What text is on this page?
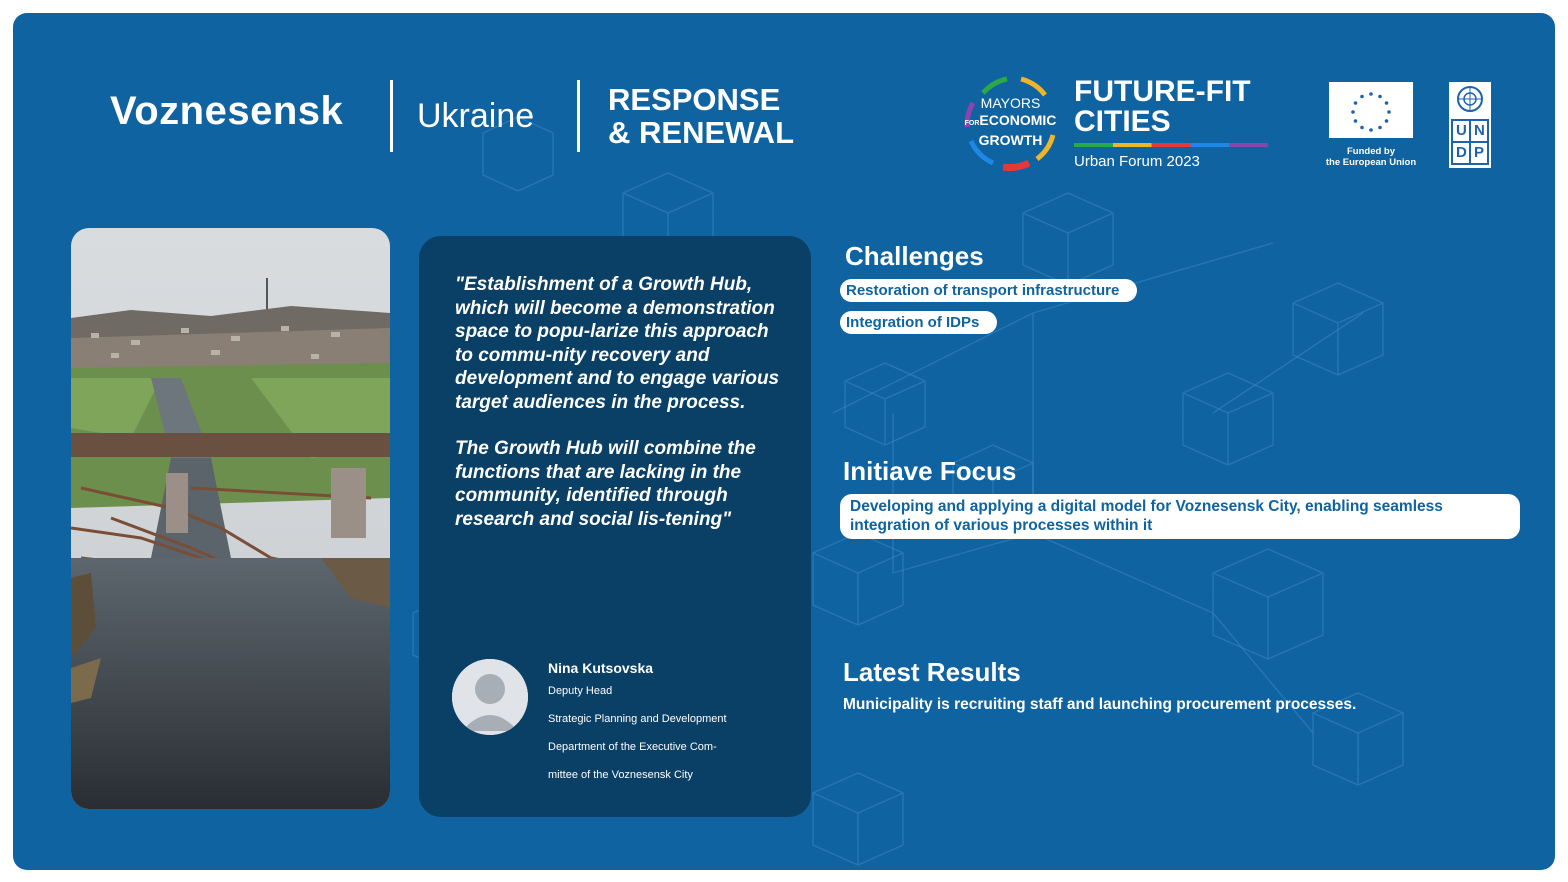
Voznesensk Ukraine RESPONSE
& RENEWAL
MAYORS
FORECONOMIC
GROWTH
FUTURE-FIT
CITIES
Urban Forum 2023
Funded by
the European Union
U N
D P
"Establishment of a Growth Hub, which will become a demonstration space to popu-larize this approach to commu-nity recovery and development and to engage various target audiences in the process.
The Growth Hub will combine the functions that are lacking in the community, identified through research and social lis-tening"
Nina Kutsovska
Deputy Head
Strategic Planning and Development
Department of the Executive Com-
mittee of the Voznesensk City
Challenges
Restoration of transport infrastructure
Integration of IDPs
Initiave Focus
Developing and applying a digital model for Voznesensk City, enabling seamless
integration of various processes within it
Latest Results
Municipality is recruiting staff and launching procurement processes.
